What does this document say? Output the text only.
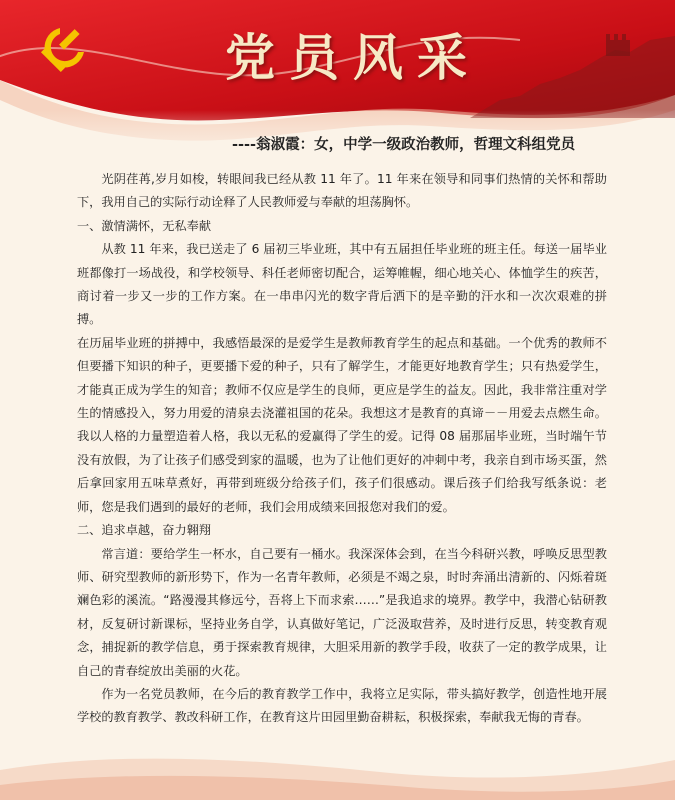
党员风采
----翁淑霞：女，中学一级政治教师，哲理文科组党员

光阴荏苒,岁月如梭，转眼间我已经从教 11 年了。11 年来在领导和同事们热情的关怀和帮助下，我用自己的实际行动诠释了人民教师爱与奉献的坦荡胸怀。

一、激情满怀，无私奉献

从教 11 年来，我已送走了 6 届初三毕业班，其中有五届担任毕业班的班主任。每送一届毕业班都像打一场战役，和学校领导、科任老师密切配合，运筹帷幄，细心地关心、体恤学生的疾苦，商讨着一步又一步的工作方案。在一串串闪光的数字背后洒下的是辛勤的汗水和一次次艰难的拼搏。

在历届毕业班的拼搏中，我感悟最深的是爱学生是教师教育学生的起点和基础。一个优秀的教师不但要播下知识的种子，更要播下爱的种子，只有了解学生，才能更好地教育学生；只有热爱学生，才能真正成为学生的知音；教师不仅应是学生的良师，更应是学生的益友。因此，我非常注重对学生的情感投入，努力用爱的清泉去浇灌祖国的花朵。我想这才是教育的真谛－－用爱去点燃生命。我以人格的力量塑造着人格，我以无私的爱赢得了学生的爱。记得 08 届那届毕业班，当时端午节没有放假，为了让孩子们感受到家的温暖，也为了让他们更好的冲刺中考，我亲自到市场买蛋，然后拿回家用五味草煮好，再带到班级分给孩子们，孩子们很感动。课后孩子们给我写纸条说：老师，您是我们遇到的最好的老师，我们会用成绩来回报您对我们的爱。

二、追求卓越，奋力翱翔

常言道：要给学生一杯水，自己要有一桶水。我深深体会到，在当今科研兴教，呼唤反思型教师、研究型教师的新形势下，作为一名青年教师，必须是不竭之泉，时时奔涌出清新的、闪烁着斑斓色彩的溪流。“路漫漫其修远兮，吾将上下而求索……”是我追求的境界。教学中，我潜心钻研教材，反复研讨新课标，坚持业务自学，认真做好笔记，广泛汲取营养，及时进行反思，转变教育观念，捕捉新的教学信息，勇于探索教育规律，大胆采用新的教学手段，收获了一定的教学成果，让自己的青春绽放出美丽的火花。

作为一名党员教师，在今后的教育教学工作中，我将立足实际，带头搞好教学，创造性地开展学校的教育教学、教改科研工作，在教育这片田园里勤奋耕耘，积极探索，奉献我无悔的青春。
